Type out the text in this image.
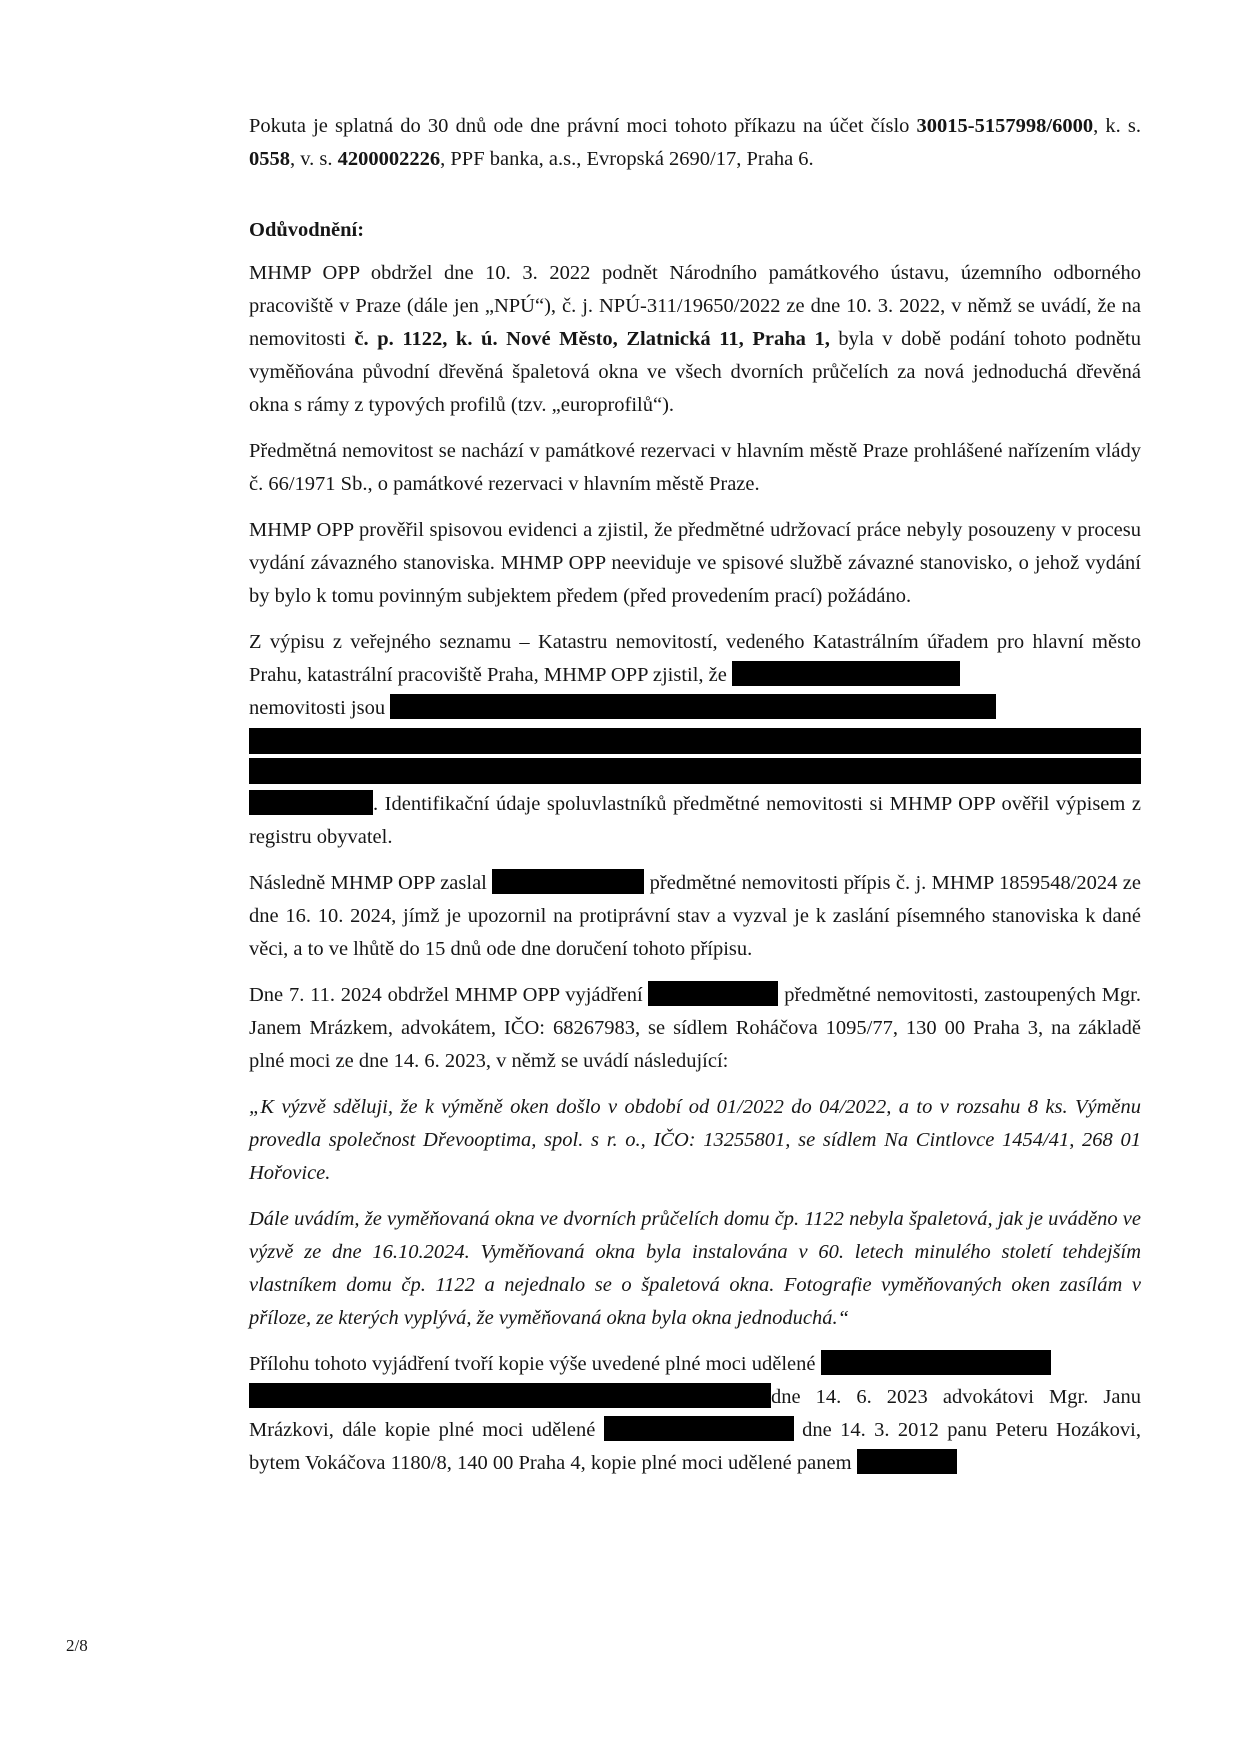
Pokuta je splatná do 30 dnů ode dne právní moci tohoto příkazu na účet číslo 30015-5157998/6000, k. s. 0558, v. s. 4200002226, PPF banka, a.s., Evropská 2690/17, Praha 6.

Odůvodnění:

MHMP OPP obdržel dne 10. 3. 2022 podnět Národního památkového ústavu, územního odborného pracoviště v Praze (dále jen „NPÚ“), č. j. NPÚ-311/19650/2022 ze dne 10. 3. 2022, v němž se uvádí, že na nemovitosti č. p. 1122, k. ú. Nové Město, Zlatnická 11, Praha 1, byla v době podání tohoto podnětu vyměňována původní dřevěná špaletová okna ve všech dvorních průčelích za nová jednoduchá dřevěná okna s rámy z typových profilů (tzv. „europrofilů“).

Předmětná nemovitost se nachází v památkové rezervaci v hlavním městě Praze prohlášené nařízením vlády č. 66/1971 Sb., o památkové rezervaci v hlavním městě Praze.

MHMP OPP prověřil spisovou evidenci a zjistil, že předmětné udržovací práce nebyly posouzeny v procesu vydání závazného stanoviska. MHMP OPP neeviduje ve spisové službě závazné stanovisko, o jehož vydání by bylo k tomu povinným subjektem předem (před provedením prací) požádáno.

Z výpisu z veřejného seznamu – Katastru nemovitostí, vedeného Katastrálním úřadem pro hlavní město Prahu, katastrální pracoviště Praha, MHMP OPP zjistil, že
nemovitosti jsou
. Identifikační údaje spoluvlastníků předmětné nemovitosti si MHMP OPP ověřil výpisem z registru obyvatel.

Následně MHMP OPP zaslal	předmětné nemovitosti přípis č. j. MHMP 1859548/2024 ze dne 16. 10. 2024, jímž je upozornil na protiprávní stav a vyzval je k zaslání písemného stanoviska k dané věci, a to ve lhůtě do 15 dnů ode dne doručení tohoto přípisu.

Dne 7. 11. 2024 obdržel MHMP OPP vyjádření	předmětné nemovitosti, zastoupených Mgr. Janem Mrázkem, advokátem, IČO: 68267983, se sídlem Roháčova 1095/77, 130 00 Praha 3, na základě plné moci ze dne 14. 6. 2023, v němž se uvádí následující:

„K výzvě sděluji, že k výměně oken došlo v období od 01/2022 do 04/2022, a to v rozsahu 8 ks. Výměnu provedla společnost Dřevooptima, spol. s r. o., IČO: 13255801, se sídlem Na Cintlovce 1454/41, 268 01 Hořovice.

Dále uvádím, že vyměňovaná okna ve dvorních průčelích domu čp. 1122 nebyla špaletová, jak je uváděno ve výzvě ze dne 16.10.2024. Vyměňovaná okna byla instalována v 60. letech minulého století tehdejším vlastníkem domu čp. 1122 a nejednalo se o špaletová okna. Fotografie vyměňovaných oken zasílám v příloze, ze kterých vyplývá, že vyměňovaná okna byla okna jednoduchá.“

Přílohu tohoto vyjádření tvoří kopie výše uvedené plné moci udělené
dne 14. 6. 2023 advokátovi Mgr. Janu Mrázkovi, dále kopie plné moci udělené	dne 14. 3. 2012 panu Peteru Hozákovi, bytem Vokáčova 1180/8, 140 00 Praha 4, kopie plné moci udělené panem

2/8
